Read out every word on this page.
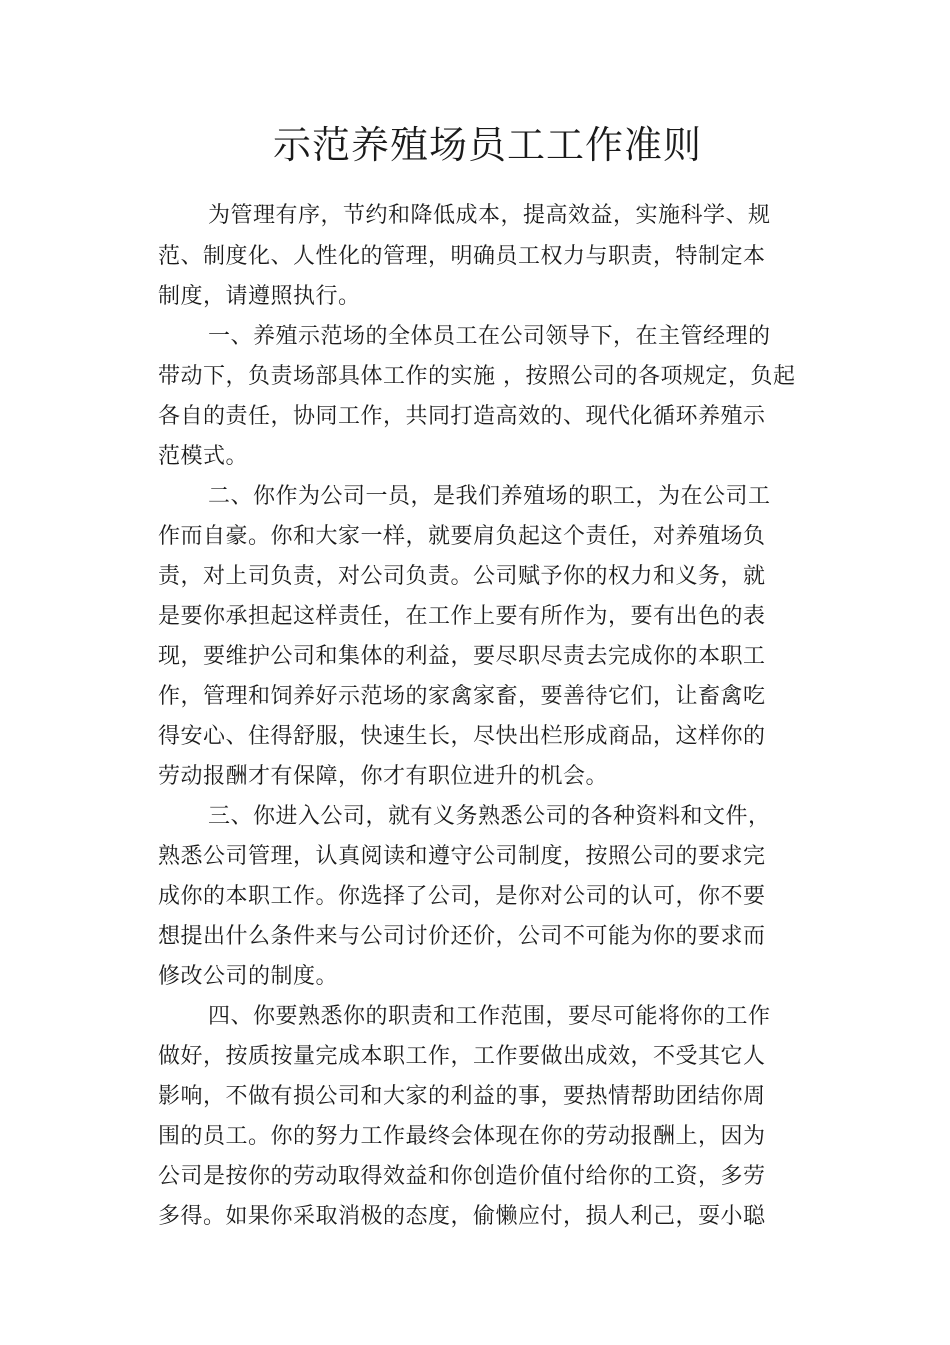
示范养殖场员工工作准则
为管理有序，节约和降低成本，提高效益，实施科学、规
范、制度化、人性化的管理，明确员工权力与职责，特制定本
制度，请遵照执行。
一、养殖示范场的全体员工在公司领导下，在主管经理的
带动下，负责场部具体工作的实施 ，按照公司的各项规定，负起
各自的责任，协同工作，共同打造高效的、现代化循环养殖示
范模式。
二、你作为公司一员，是我们养殖场的职工，为在公司工
作而自豪。你和大家一样，就要肩负起这个责任，对养殖场负
责，对上司负责，对公司负责。公司赋予你的权力和义务，就
是要你承担起这样责任，在工作上要有所作为，要有出色的表
现，要维护公司和集体的利益，要尽职尽责去完成你的本职工
作，管理和饲养好示范场的家禽家畜，要善待它们，让畜禽吃
得安心、住得舒服，快速生长，尽快出栏形成商品，这样你的
劳动报酬才有保障，你才有职位进升的机会。
三、你进入公司，就有义务熟悉公司的各种资料和文件，
熟悉公司管理，认真阅读和遵守公司制度，按照公司的要求完
成你的本职工作。你选择了公司，是你对公司的认可，你不要
想提出什么条件来与公司讨价还价，公司不可能为你的要求而
修改公司的制度。
四、你要熟悉你的职责和工作范围，要尽可能将你的工作
做好，按质按量完成本职工作，工作要做出成效，不受其它人
影响，不做有损公司和大家的利益的事，要热情帮助团结你周
围的员工。你的努力工作最终会体现在你的劳动报酬上，因为
公司是按你的劳动取得效益和你创造价值付给你的工资，多劳
多得。如果你采取消极的态度，偷懒应付，损人利己，耍小聪
